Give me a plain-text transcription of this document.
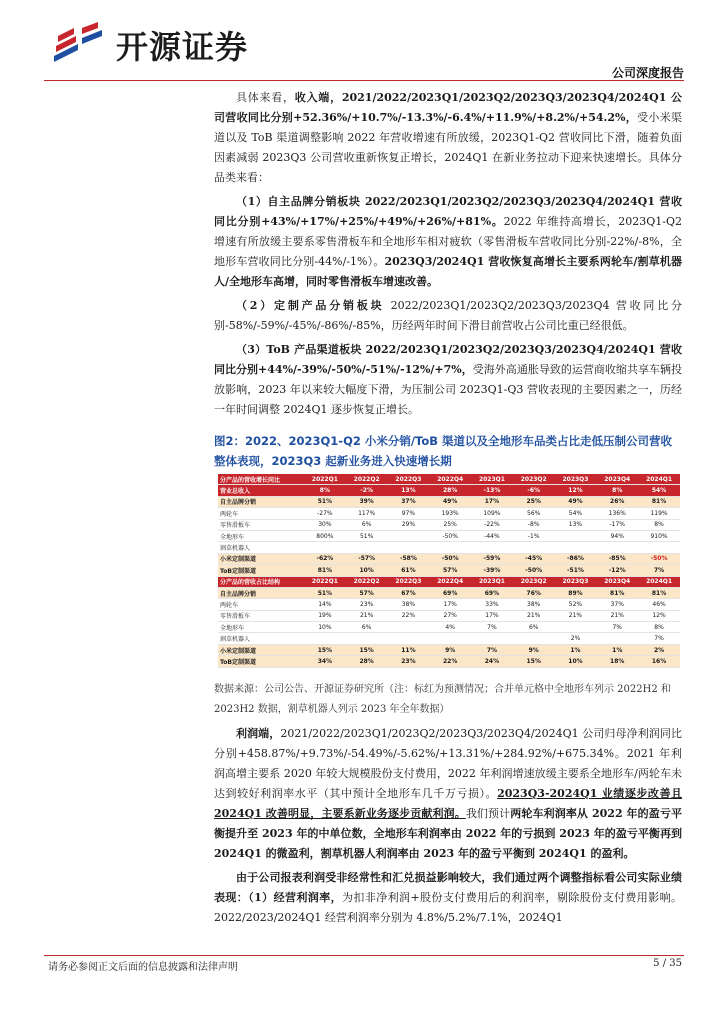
开源证券
公司深度报告

具体来看，收入端，2021/2022/2023Q1/2023Q2/2023Q3/2023Q4/2024Q1 公司营收同比分别+52.36%/+10.7%/-13.3%/-6.4%/+11.9%/+8.2%/+54.2%，受小米渠道以及 ToB 渠道调整影响 2022 年营收增速有所放缓，2023Q1-Q2 营收同比下滑，随着负面因素减弱 2023Q3 公司营收重新恢复正增长，2024Q1 在新业务拉动下迎来快速增长。具体分品类来看：

（1）自主品牌分销板块 2022/2023Q1/2023Q2/2023Q3/2023Q4/2024Q1 营收同比分别+43%/+17%/+25%/+49%/+26%/+81%。2022 年维持高增长，2023Q1-Q2 增速有所放缓主要系零售滑板车和全地形车相对疲软（零售滑板车营收同比分别-22%/-8%，全地形车营收同比分别-44%/-1%）。2023Q3/2024Q1 营收恢复高增长主要系两轮车/割草机器人/全地形车高增，同时零售滑板车增速改善。

（2）定制产品分销板块 2022/2023Q1/2023Q2/2023Q3/2023Q4 营收同比分别-58%/-59%/-45%/-86%/-85%，历经两年时间下滑目前营收占公司比重已经很低。

（3）ToB 产品渠道板块 2022/2023Q1/2023Q2/2023Q3/2023Q4/2024Q1 营收同比分别+44%/-39%/-50%/-51%/-12%/+7%，受海外高通胀导致的运营商收缩共享车辆投放影响，2023 年以来较大幅度下滑，为压制公司 2023Q1-Q3 营收表现的主要因素之一，历经一年时间调整 2024Q1 逐步恢复正增长。

图2：2022、2023Q1-Q2 小米分销/ToB 渠道以及全地形车品类占比走低压制公司营收整体表现，2023Q3 起新业务进入快速增长期
分产品的营收增长同比	2022Q1	2022Q2	2022Q3	2022Q4	2023Q1	2023Q2	2023Q3	2023Q4	2024Q1
营业总收入	8%	-2%	13%	28%	-13%	-6%	12%	8%	54%
自主品牌分销	51%	39%	37%	49%	17%	25%	49%	26%	81%
两轮车	-27%	117%	97%	193%	109%	56%	54%	136%	119%
零售滑板车	30%	6%	29%	25%	-22%	-8%	13%	-17%	8%
全地形车	800%	51%		-50%	-44%	-1%		94%	910%
割草机器人									
小米定制渠道	-62%	-57%	-58%	-50%	-59%	-45%	-86%	-85%	-50%
ToB定制渠道	81%	10%	61%	57%	-39%	-50%	-51%	-12%	7%
分产品的营收占比结构	2022Q1	2022Q2	2022Q3	2022Q4	2023Q1	2023Q2	2023Q3	2023Q4	2024Q1
自主品牌分销	51%	57%	67%	69%	69%	76%	89%	81%	81%
两轮车	14%	23%	38%	17%	33%	38%	52%	37%	46%
零售滑板车	19%	21%	22%	27%	17%	21%	21%	21%	12%
全地形车	10%	6%		4%	7%	6%		7%	8%
割草机器人							2%		7%
小米定制渠道	15%	15%	11%	9%	7%	9%	1%	1%	2%
ToB定制渠道	34%	28%	23%	22%	24%	15%	10%	18%	16%
数据来源：公司公告、开源证券研究所（注：标红为预测情况；合并单元格中全地形车列示 2022H2 和 2023H2 数据，割草机器人列示 2023 年全年数据）

利润端，2021/2022/2023Q1/2023Q2/2023Q3/2023Q4/2024Q1 公司归母净利润同比分别+458.87%/+9.73%/-54.49%/-5.62%/+13.31%/+284.92%/+675.34%。2021 年利润高增主要系 2020 年较大规模股份支付费用，2022 年利润增速放缓主要系全地形车/两轮车未达到较好利润率水平（其中预计全地形车几千万亏损）。2023Q3-2024Q1 业绩逐步改善且 2024Q1 改善明显，主要系新业务逐步贡献利润。我们预计两轮车利润率从 2022 年的盈亏平衡提升至 2023 年的中单位数，全地形车利润率由 2022 年的亏损到 2023 年的盈亏平衡再到 2024Q1 的微盈利，割草机器人利润率由 2023 年的盈亏平衡到 2024Q1 的盈利。

由于公司报表利润受非经常性和汇兑损益影响较大，我们通过两个调整指标看公司实际业绩表现：（1）经营利润率，为扣非净利润+股份支付费用后的利润率，剔除股份支付费用影响。2022/2023/2024Q1 经营利润率分别为 4.8%/5.2%/7.1%，2024Q1

请务必参阅正文后面的信息披露和法律声明	5 / 35
